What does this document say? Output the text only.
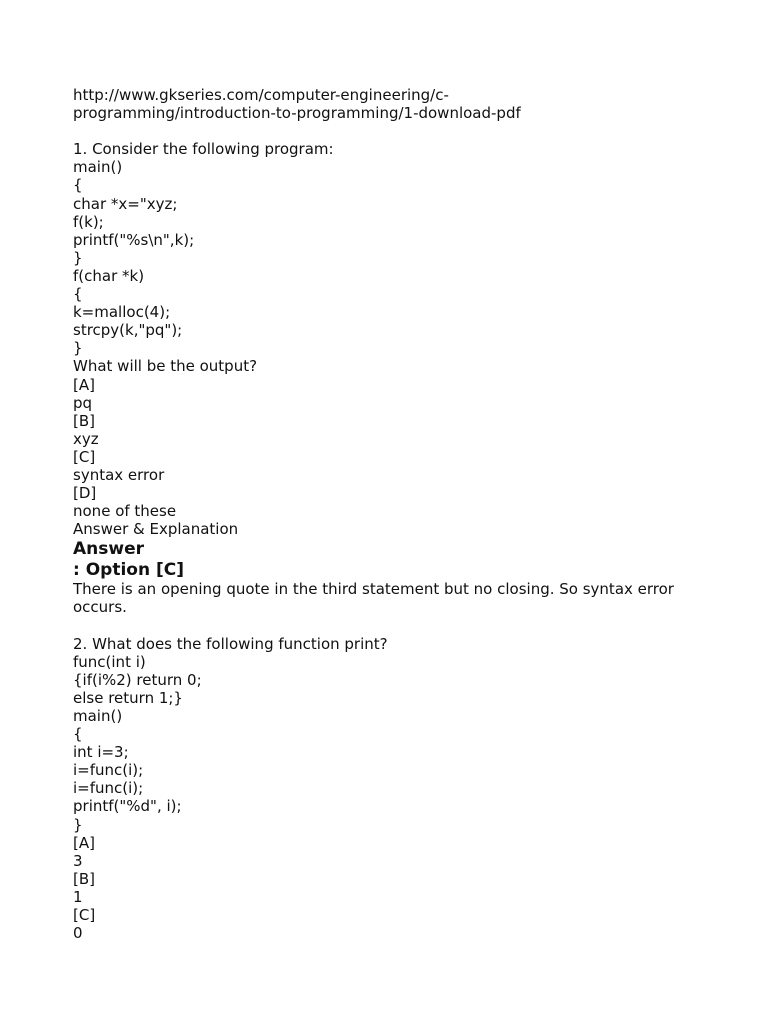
http://www.gkseries.com/computer-engineering/c-
programming/introduction-to-programming/1-download-pdf
1. Consider the following program:
main()
{
char *x="xyz;
f(k);
printf("%s\n",k);
}
f(char *k)
{
k=malloc(4);
strcpy(k,"pq");
}
What will be the output?
[A]
pq
[B]
xyz
[C]
syntax error
[D]
none of these
Answer & Explanation
Answer
: Option [C]
There is an opening quote in the third statement but no closing. So syntax error occurs.
2. What does the following function print?
func(int i)
{if(i%2) return 0;
else return 1;}
main()
{
int i=3;
i=func(i);
i=func(i);
printf("%d", i);
}
[A]
3
[B]
1
[C]
0
